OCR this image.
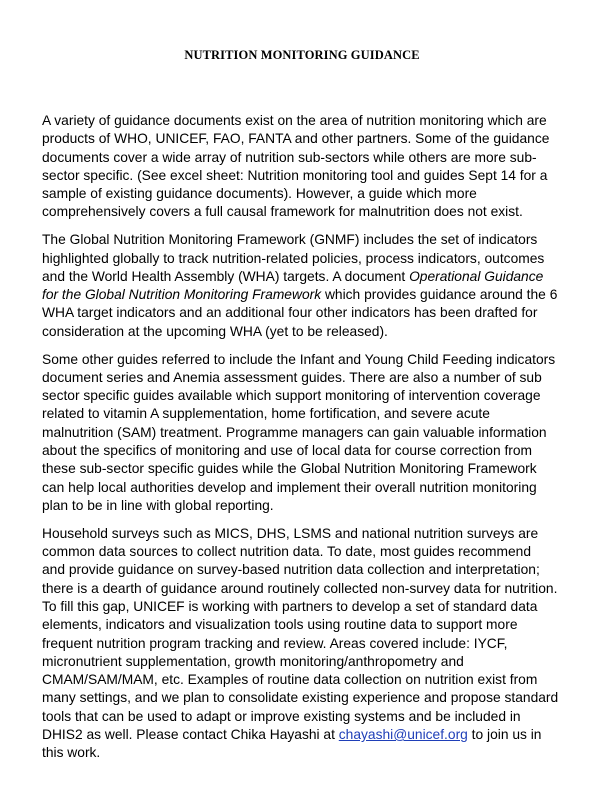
NUTRITION MONITORING GUIDANCE

A variety of guidance documents exist on the area of nutrition monitoring which are
products of WHO, UNICEF, FAO, FANTA and other partners. Some of the guidance
documents cover a wide array of nutrition sub-sectors while others are more sub-
sector specific. (See excel sheet: Nutrition monitoring tool and guides Sept 14 for a
sample of existing guidance documents). However, a guide which more
comprehensively covers a full causal framework for malnutrition does not exist.

The Global Nutrition Monitoring Framework (GNMF) includes the set of indicators
highlighted globally to track nutrition-related policies, process indicators, outcomes
and the World Health Assembly (WHA) targets. A document Operational Guidance
for the Global Nutrition Monitoring Framework which provides guidance around the 6
WHA target indicators and an additional four other indicators has been drafted for
consideration at the upcoming WHA (yet to be released).

Some other guides referred to include the Infant and Young Child Feeding indicators
document series and Anemia assessment guides. There are also a number of sub
sector specific guides available which support monitoring of intervention coverage
related to vitamin A supplementation, home fortification, and severe acute
malnutrition (SAM) treatment. Programme managers can gain valuable information
about the specifics of monitoring and use of local data for course correction from
these sub-sector specific guides while the Global Nutrition Monitoring Framework
can help local authorities develop and implement their overall nutrition monitoring
plan to be in line with global reporting.

Household surveys such as MICS, DHS, LSMS and national nutrition surveys are
common data sources to collect nutrition data. To date, most guides recommend
and provide guidance on survey-based nutrition data collection and interpretation;
there is a dearth of guidance around routinely collected non-survey data for nutrition.
To fill this gap, UNICEF is working with partners to develop a set of standard data
elements, indicators and visualization tools using routine data to support more
frequent nutrition program tracking and review. Areas covered include: IYCF,
micronutrient supplementation, growth monitoring/anthropometry and
CMAM/SAM/MAM, etc. Examples of routine data collection on nutrition exist from
many settings, and we plan to consolidate existing experience and propose standard
tools that can be used to adapt or improve existing systems and be included in
DHIS2 as well. Please contact Chika Hayashi at chayashi@unicef.org to join us in
this work.
